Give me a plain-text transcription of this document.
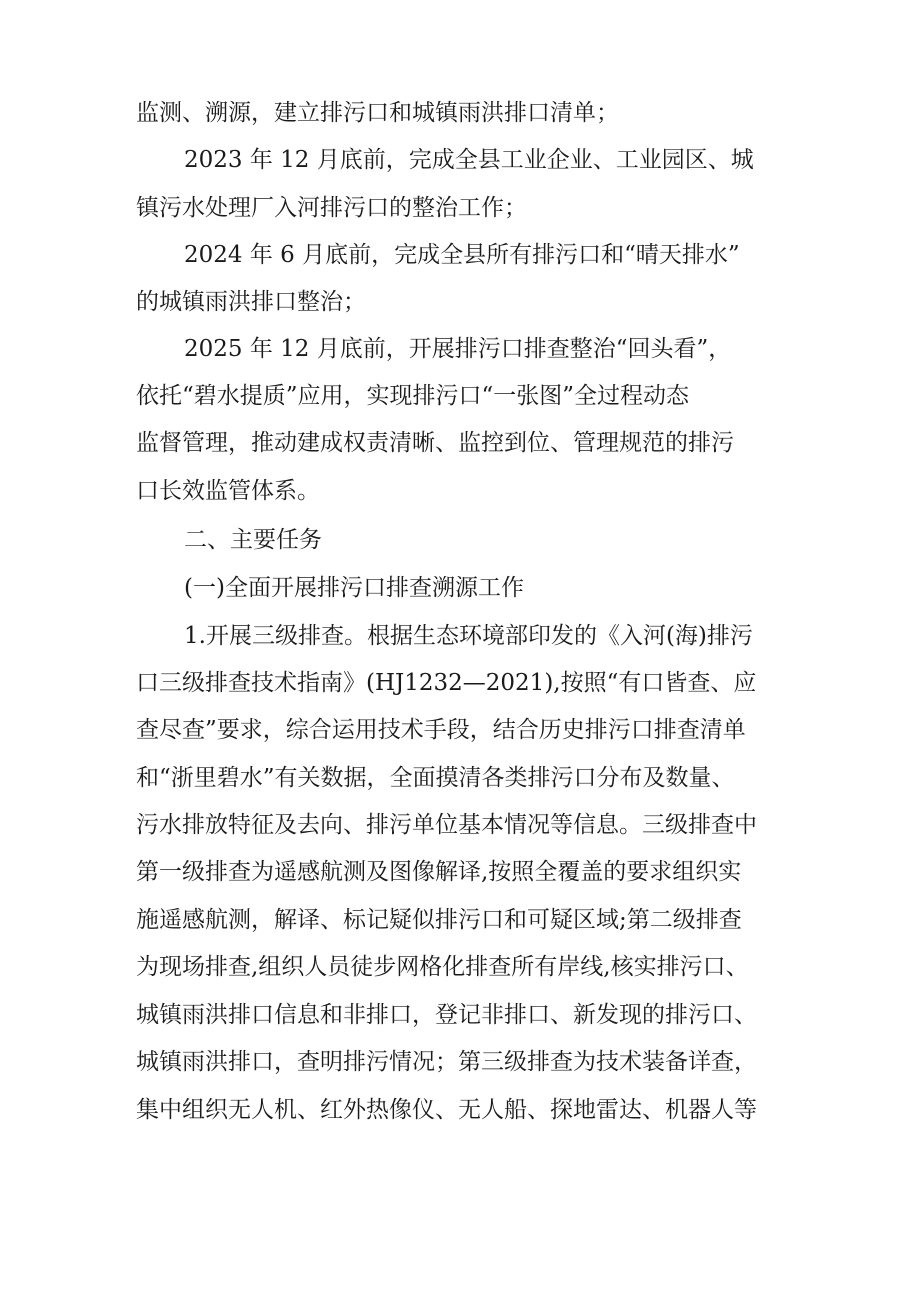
监测、溯源，建立排污口和城镇雨洪排口清单；
2023 年 12 月底前，完成全县工业企业、工业园区、城
镇污水处理厂入河排污口的整治工作；
2024 年 6 月底前，完成全县所有排污口和“晴天排水”
的城镇雨洪排口整治；
2025 年 12 月底前，开展排污口排查整治“回头看”，
依托“碧水提质”应用，实现排污口“一张图”全过程动态
监督管理，推动建成权责清晰、监控到位、管理规范的排污
口长效监管体系。
二、主要任务
(一)全面开展排污口排查溯源工作
1.开展三级排查。根据生态环境部印发的《入河(海)排污
口三级排查技术指南》(HJ1232—2021),按照“有口皆查、应
查尽查”要求，综合运用技术手段，结合历史排污口排查清单
和“浙里碧水”有关数据，全面摸清各类排污口分布及数量、
污水排放特征及去向、排污单位基本情况等信息。三级排查中
第一级排查为遥感航测及图像解译,按照全覆盖的要求组织实
施遥感航测，解译、标记疑似排污口和可疑区域;第二级排查
为现场排查,组织人员徒步网格化排查所有岸线,核实排污口、
城镇雨洪排口信息和非排口，登记非排口、新发现的排污口、
城镇雨洪排口，查明排污情况；第三级排查为技术装备详查，
集中组织无人机、红外热像仪、无人船、探地雷达、机器人等
